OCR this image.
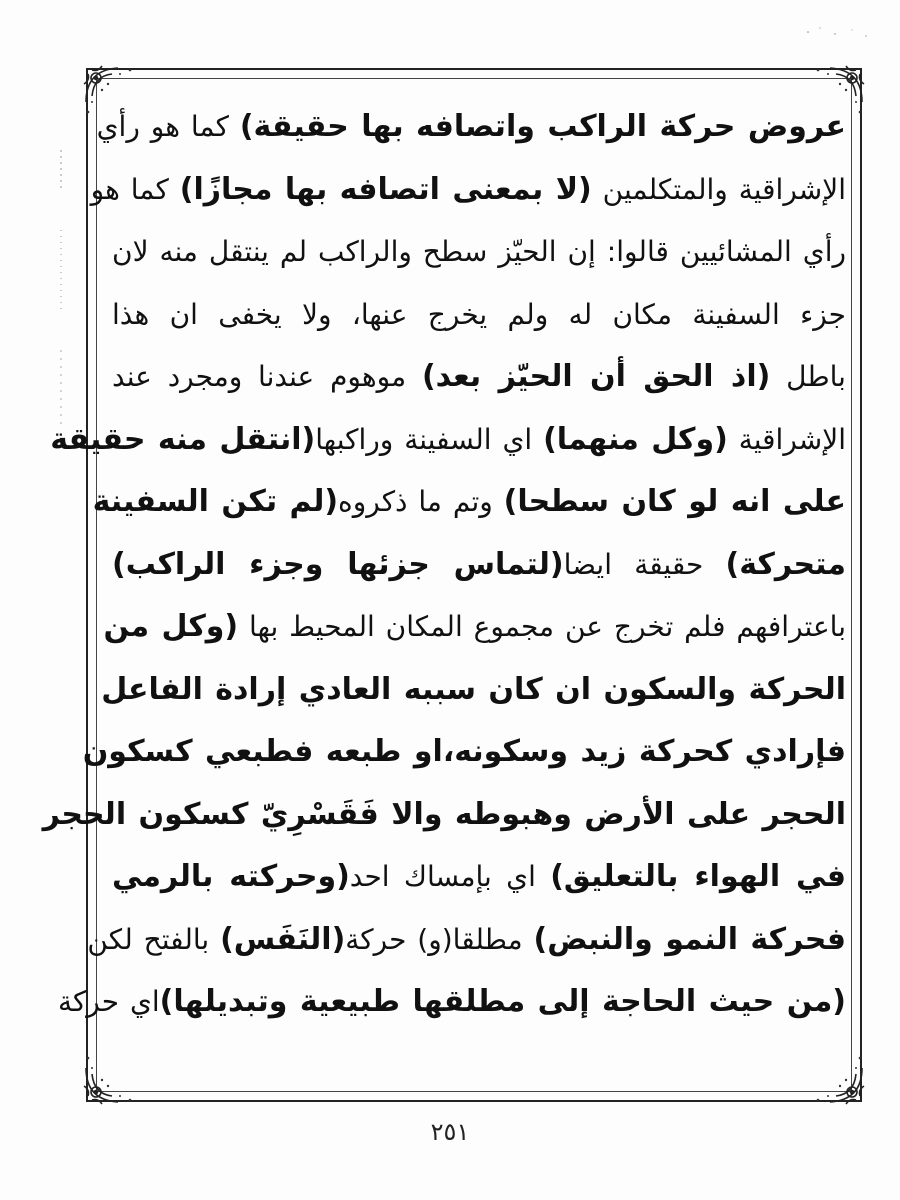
عروض حركة الراكب واتصافه بها حقيقة) كما هو رأي
الإشراقية والمتكلمين (لا بمعنى اتصافه بها مجازًا) كما هو
رأي المشائيين قالوا: إن الحيّز سطح والراكب لم ينتقل منه لان
جزء السفينة مكان له ولم يخرج عنها، ولا يخفى ان هذا
باطل (اذ الحق أن الحيّز بعد) موهوم عندنا ومجرد عند
الإشراقية (وكل منهما) اي السفينة وراكبها(انتقل منه حقيقة
على انه لو كان سطحا) وتم ما ذكروه(لم تكن السفينة
متحركة) حقيقة ايضا(لتماس جزئها وجزء الراكب)
باعترافهم فلم تخرج عن مجموع المكان المحيط بها (وكل من
الحركة والسكون ان كان سببه العادي إرادة الفاعل
فإرادي كحركة زيد وسكونه،او طبعه فطبعي كسكون
الحجر على الأرض وهبوطه والا فَقَسْرِيّ كسكون الحجر
في الهواء بالتعليق) اي بإمساك احد(وحركته بالرمي
فحركة النمو والنبض) مطلقا(و) حركة(النَفَس) بالفتح لكن
(من حيث الحاجة إلى مطلقها طبيعية وتبديلها)اي حركة
٢٥١
